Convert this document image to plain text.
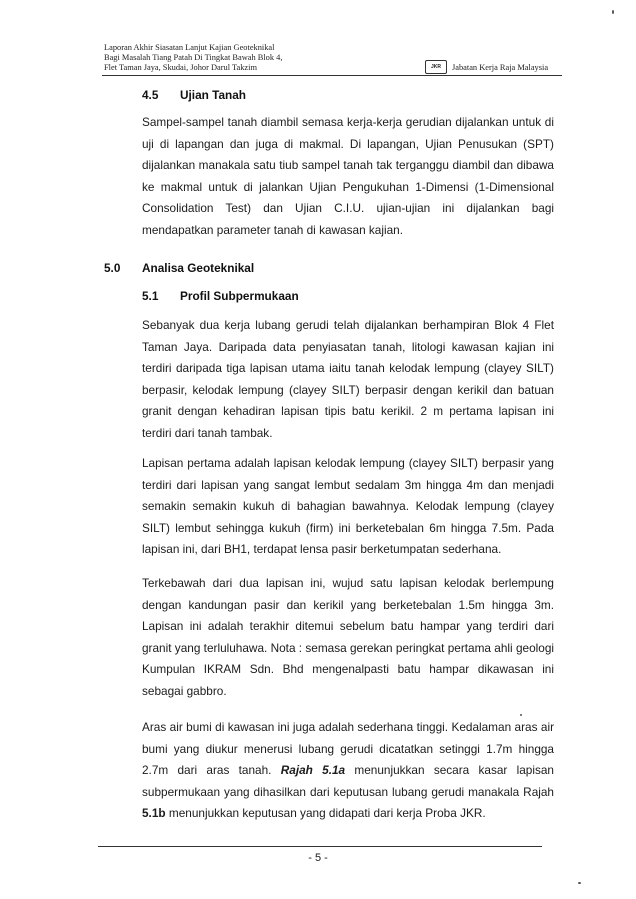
Laporan Akhir Siasatan Lanjut Kajian Geoteknikal
Bagi Masalah Tiang Patah Di Tingkat Bawah Blok 4,
Flet Taman Jaya, Skudai, Johor Darul Takzim	JKR	Jabatan Kerja Raja Malaysia
4.5 Ujian Tanah
Sampel-sampel tanah diambil semasa kerja-kerja gerudian dijalankan untuk di uji di lapangan dan juga di makmal. Di lapangan, Ujian Penusukan (SPT) dijalankan manakala satu tiub sampel tanah tak terganggu diambil dan dibawa ke makmal untuk di jalankan Ujian Pengukuhan 1-Dimensi (1-Dimensional Consolidation Test) dan Ujian C.I.U. ujian-ujian ini dijalankan bagi mendapatkan parameter tanah di kawasan kajian.
5.0 Analisa Geoteknikal
5.1 Profil Subpermukaan
Sebanyak dua kerja lubang gerudi telah dijalankan berhampiran Blok 4 Flet Taman Jaya. Daripada data penyiasatan tanah, litologi kawasan kajian ini terdiri daripada tiga lapisan utama iaitu tanah kelodak lempung (clayey SILT) berpasir, kelodak lempung (clayey SILT) berpasir dengan kerikil dan batuan granit dengan kehadiran lapisan tipis batu kerikil. 2 m pertama lapisan ini terdiri dari tanah tambak.
Lapisan pertama adalah lapisan kelodak lempung (clayey SILT) berpasir yang terdiri dari lapisan yang sangat lembut sedalam 3m hingga 4m dan menjadi semakin semakin kukuh di bahagian bawahnya. Kelodak lempung (clayey SILT) lembut sehingga kukuh (firm) ini berketebalan 6m hingga 7.5m. Pada lapisan ini, dari BH1, terdapat lensa pasir berketumpatan sederhana.
Terkebawah dari dua lapisan ini, wujud satu lapisan kelodak berlempung dengan kandungan pasir dan kerikil yang berketebalan 1.5m hingga 3m. Lapisan ini adalah terakhir ditemui sebelum batu hampar yang terdiri dari granit yang terluluhawa. Nota : semasa gerekan peringkat pertama ahli geologi Kumpulan IKRAM Sdn. Bhd mengenalpasti batu hampar dikawasan ini sebagai gabbro.
Aras air bumi di kawasan ini juga adalah sederhana tinggi. Kedalaman aras air bumi yang diukur menerusi lubang gerudi dicatatkan setinggi 1.7m hingga 2.7m dari aras tanah. Rajah 5.1a menunjukkan secara kasar lapisan subpermukaan yang dihasilkan dari keputusan lubang gerudi manakala Rajah 5.1b menunjukkan keputusan yang didapati dari kerja Proba JKR.
- 5 -
